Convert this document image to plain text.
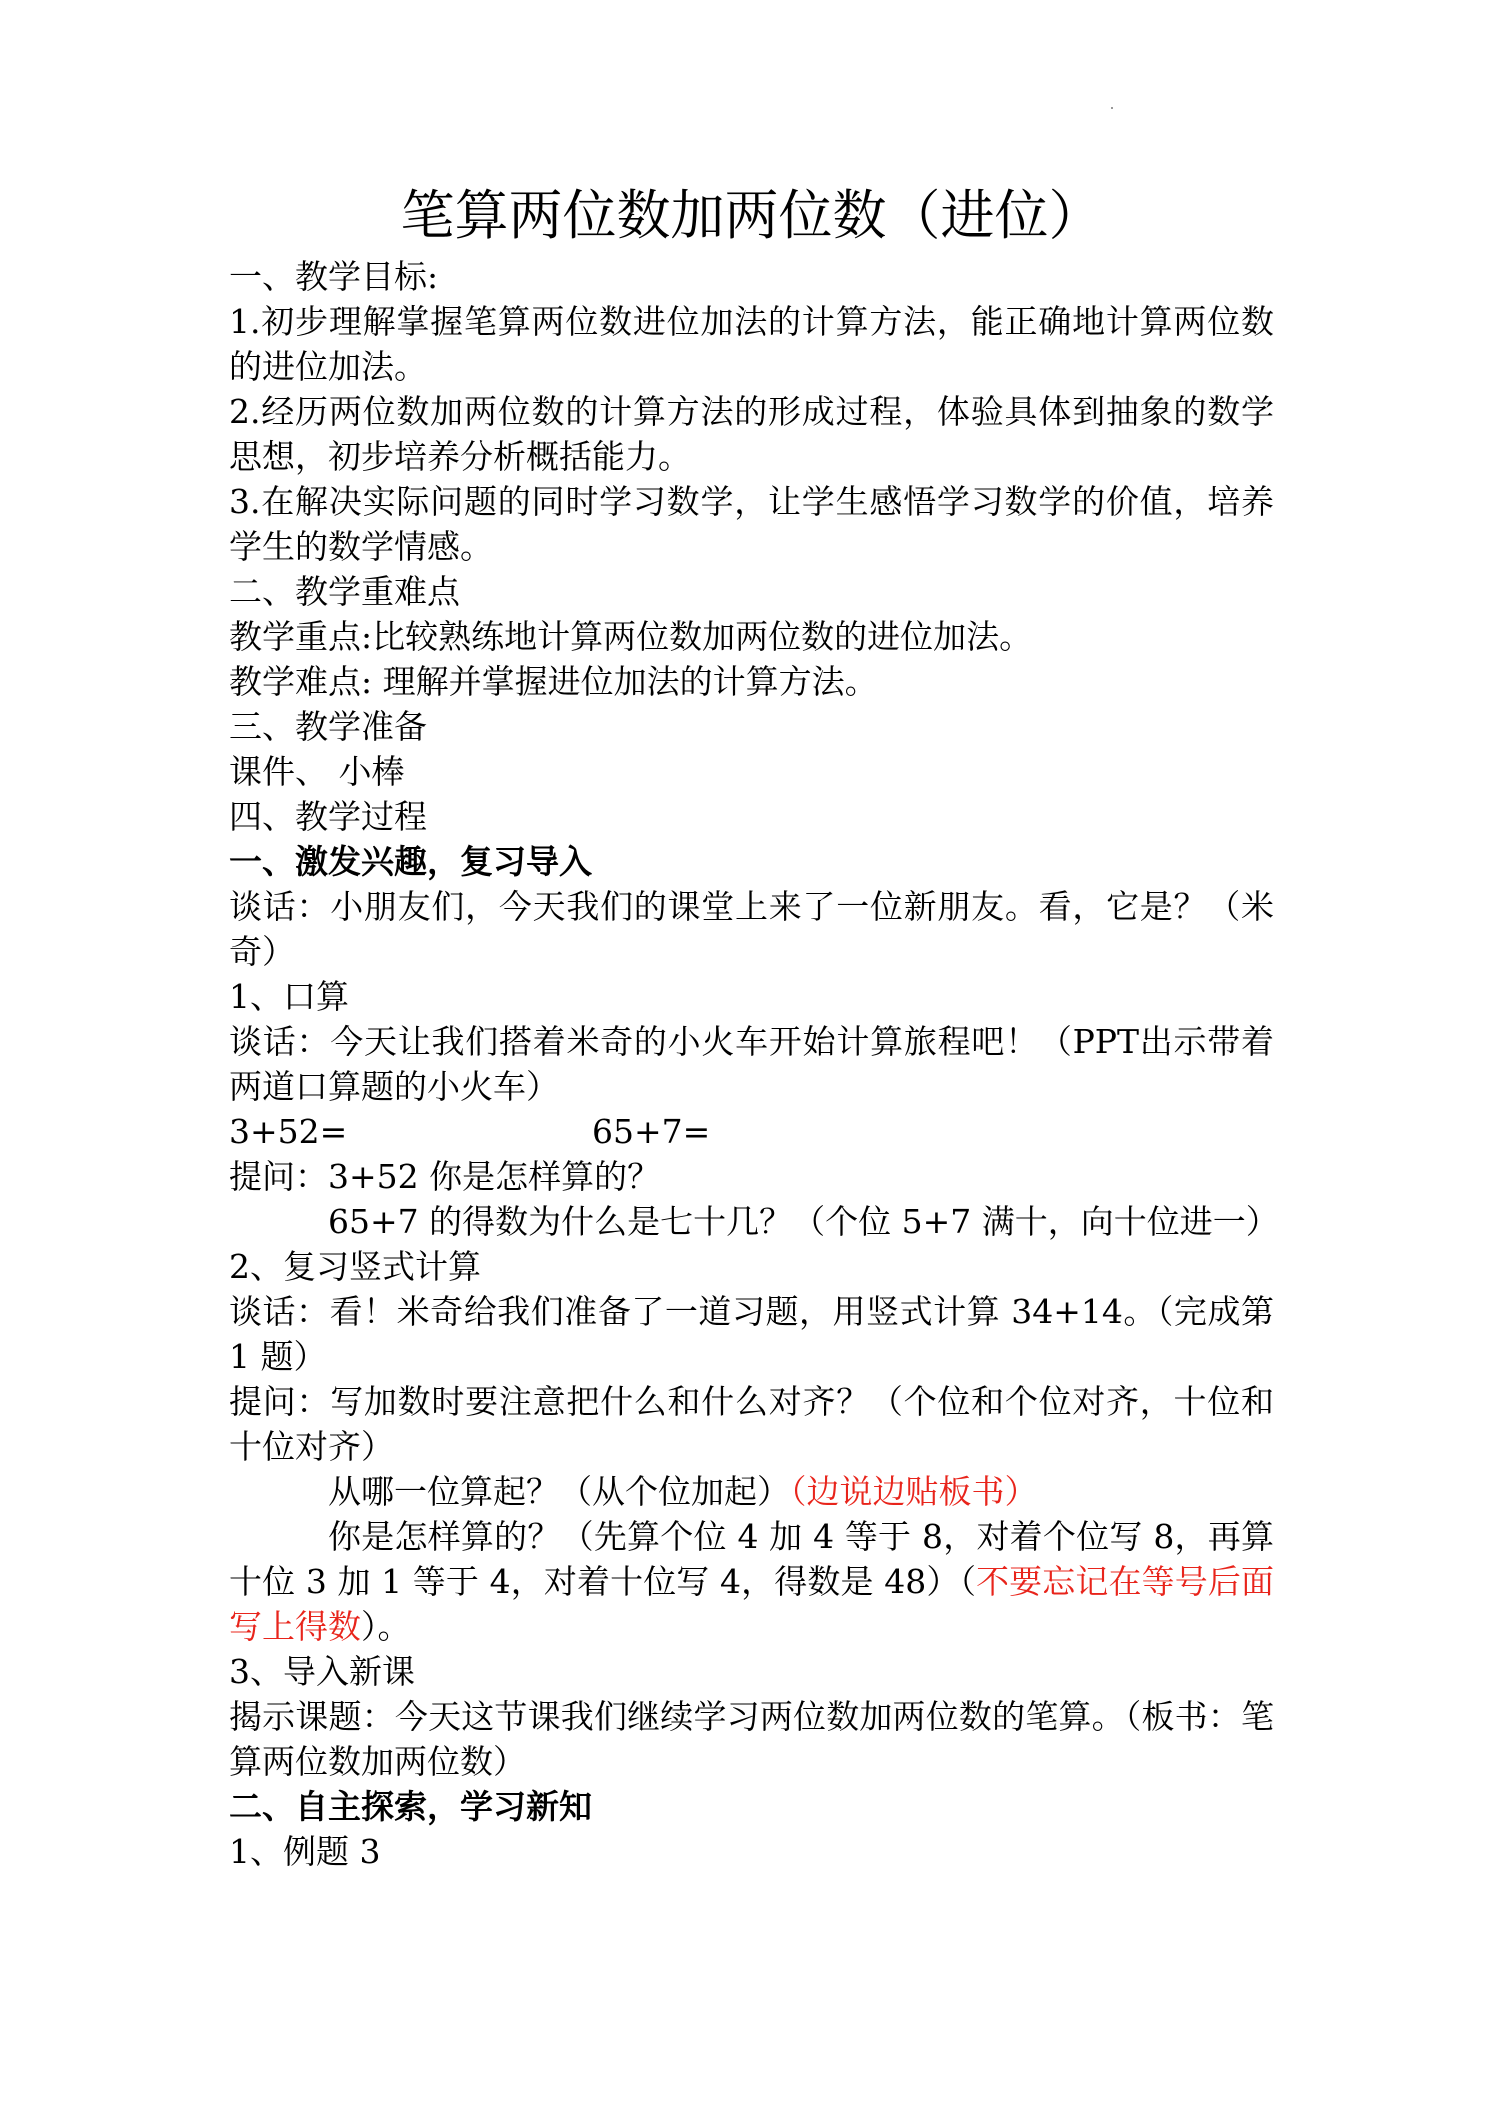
笔算两位数加两位数（进位）

一、教学目标:

1.初步理解掌握笔算两位数进位加法的计算方法，能正确地计算两位数的进位加法。

2.经历两位数加两位数的计算方法的形成过程，体验具体到抽象的数学思想，初步培养分析概括能力。

3.在解决实际问题的同时学习数学，让学生感悟学习数学的价值，培养学生的数学情感。

二、教学重难点

教学重点:比较熟练地计算两位数加两位数的进位加法。

教学难点: 理解并掌握进位加法的计算方法。

三、教学准备

课件、 小棒

四、教学过程

一、激发兴趣，复习导入

谈话：小朋友们，今天我们的课堂上来了一位新朋友。看，它是？（米奇）

1、口算

谈话：今天让我们搭着米奇的小火车开始计算旅程吧！（PPT出示带着两道口算题的小火车）

3+52=	65+7=

提问：3+52 你是怎样算的？

65+7 的得数为什么是七十几？（个位 5+7 满十，向十位进一）

2、复习竖式计算

谈话：看！米奇给我们准备了一道习题，用竖式计算 34+14。（完成第 1 题）

提问：写加数时要注意把什么和什么对齐？（个位和个位对齐，十位和十位对齐）

从哪一位算起？（从个位加起）（边说边贴板书）

你是怎样算的？（先算个位 4 加 4 等于 8，对着个位写 8，再算十位 3 加 1 等于 4，对着十位写 4，得数是 48）（不要忘记在等号后面写上得数）。

3、导入新课

揭示课题：今天这节课我们继续学习两位数加两位数的笔算。（板书：笔算两位数加两位数）

二、自主探索，学习新知

1、例题 3
